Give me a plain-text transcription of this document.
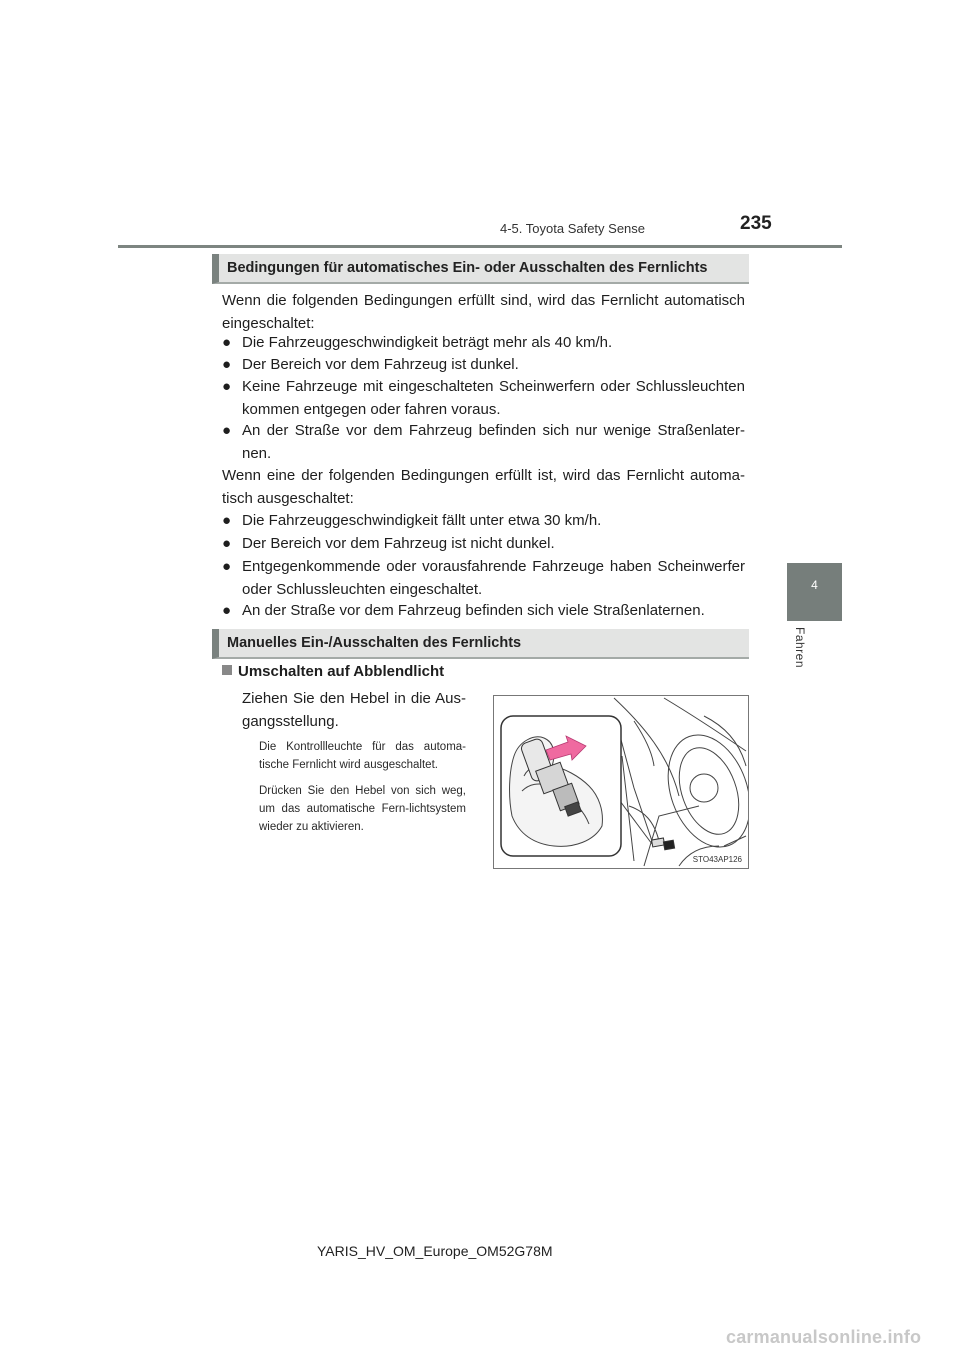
4-5. Toyota Safety Sense	235
4
Fahren
Bedingungen für automatisches Ein- oder Ausschalten des Fernlichts
Wenn die folgenden Bedingungen erfüllt sind, wird das Fernlicht automatisch eingeschaltet:
● Die Fahrzeuggeschwindigkeit beträgt mehr als 40 km/h.
● Der Bereich vor dem Fahrzeug ist dunkel.
● Keine Fahrzeuge mit eingeschalteten Scheinwerfern oder Schlussleuchten kommen entgegen oder fahren voraus.
● An der Straße vor dem Fahrzeug befinden sich nur wenige Straßenlater-nen.
Wenn eine der folgenden Bedingungen erfüllt ist, wird das Fernlicht automa-tisch ausgeschaltet:
● Die Fahrzeuggeschwindigkeit fällt unter etwa 30 km/h.
● Der Bereich vor dem Fahrzeug ist nicht dunkel.
● Entgegenkommende oder vorausfahrende Fahrzeuge haben Scheinwerfer oder Schlussleuchten eingeschaltet.
● An der Straße vor dem Fahrzeug befinden sich viele Straßenlaternen.
Manuelles Ein-/Ausschalten des Fernlichts
Umschalten auf Abblendlicht
Ziehen Sie den Hebel in die Aus-gangsstellung.
Die Kontrollleuchte für das automa-tische Fernlicht wird ausgeschaltet.
Drücken Sie den Hebel von sich weg, um das automatische Fern-lichtsystem wieder zu aktivieren.
STO43AP126
YARIS_HV_OM_Europe_OM52G78M
carmanualsonline.info
